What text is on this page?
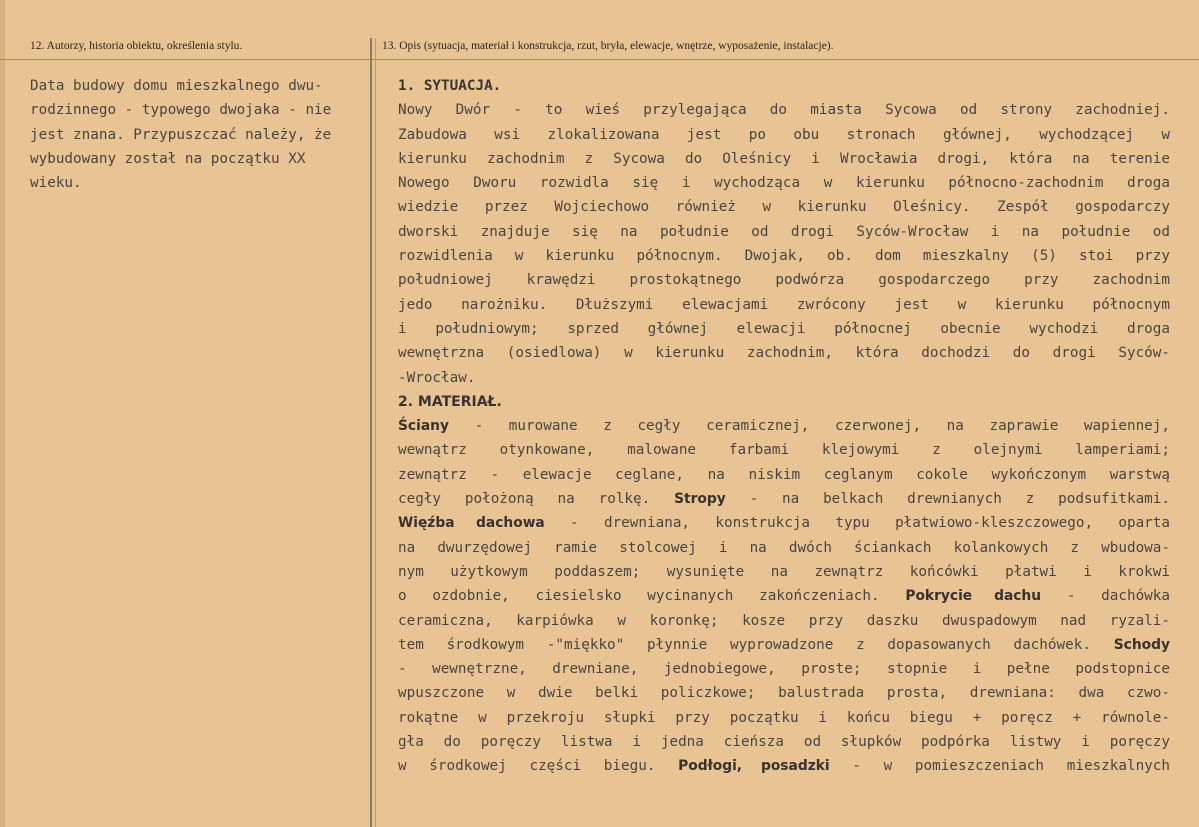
12. Autorzy, historia obiektu, określenia stylu.	13. Opis (sytuacja, materiał i konstrukcja, rzut, bryła, elewacje, wnętrze, wyposażenie, instalacje).
Data budowy domu mieszkalnego dwu-
rodzinnego - typowego dwojaka - nie
jest znana. Przypuszczać należy, że
wybudowany został na początku XX
wieku.
1. SYTUACJA.
Nowy Dwór - to wieś przylegająca do miasta Sycowa od strony zachodniej.
Zabudowa wsi zlokalizowana jest po obu stronach głównej, wychodzącej w
kierunku zachodnim z Sycowa do Oleśnicy i Wrocławia drogi, która na terenie
Nowego Dworu rozwidla się i wychodząca w kierunku północno-zachodnim droga
wiedzie przez Wojciechowo również w kierunku Oleśnicy. Zespół gospodarczy
dworski znajduje się na południe od drogi Syców-Wrocław i na południe od
rozwidlenia w kierunku północnym. Dwojak, ob. dom mieszkalny (5) stoi przy
południowej krawędzi prostokątnego podwórza gospodarczego przy zachodnim
jedo narożniku. Dłuższymi elewacjami zwrócony jest w kierunku północnym
i południowym; sprzed głównej elewacji północnej obecnie wychodzi droga
wewnętrzna (osiedlowa) w kierunku zachodnim, która dochodzi do drogi Syców-
-Wrocław.
2. MATERIAŁ.
Ściany - murowane z cegły ceramicznej, czerwonej, na zaprawie wapiennej,
wewnątrz otynkowane, malowane farbami klejowymi z olejnymi lamperiami;
zewnątrz - elewacje ceglane, na niskim ceglanym cokole wykończonym warstwą
cegły położoną na rolkę. Stropy - na belkach drewnianych z podsufitkami.
Więźba dachowa - drewniana, konstrukcja typu płatwiowo-kleszczowego, oparta
na dwurzędowej ramie stolcowej i na dwóch ściankach kolankowych z wbudowa-
nym użytkowym poddaszem; wysunięte na zewnątrz końcówki płatwi i krokwi
o ozdobnie, ciesielsko wycinanych zakończeniach. Pokrycie dachu - dachówka
ceramiczna, karpiówka w koronkę; kosze przy daszku dwuspadowym nad ryzali-
tem środkowym -"miękko" płynnie wyprowadzone z dopasowanych dachówek. Schody
- wewnętrzne, drewniane, jednobiegowe, proste; stopnie i pełne podstopnice
wpuszczone w dwie belki policzkowe; balustrada prosta, drewniana: dwa czwo-
rokątne w przekroju słupki przy początku i końcu biegu + poręcz + równole-
gła do poręczy listwa i jedna cieńsza od słupków podpórka listwy i poręczy
w środkowej części biegu. Podłogi, posadzki - w pomieszczeniach mieszkalnych
